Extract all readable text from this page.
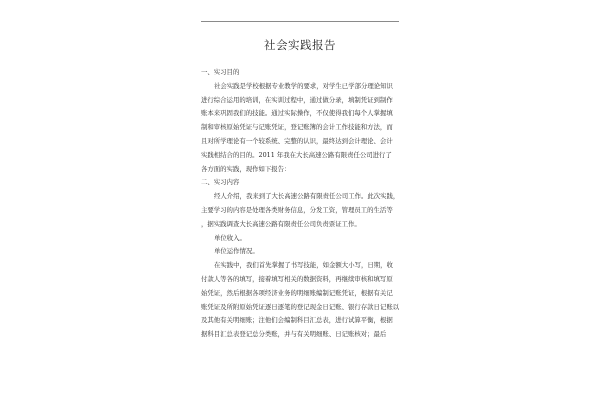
社会实践报告
一、实习目的
社会实践是学校根据专业教学的要求，对学生已学部分理论知识
进行综合运用的培训，在实训过程中，通过做分录，填制凭证到制作
账本来巩固我们的技能。通过实际操作，不仅使得我们每个人掌握填
制和审核原始凭证与记账凭证，登记账簿的会计工作技能和方法，而
且对所学理论有一个较系统、完整的认识，最终达到会计理论、会计
实践相结合的目的。2011 年我在大长高速公路有限责任公司进行了
各方面的实践，现作如下报告：
二、实习内容
经人介绍，我来到了大长高速公路有限责任公司工作。此次实践，
主要学习的内容是处理各类财务信息，分发工资，管理员工的生活等
，据实践调查大长高速公路有限责任公司负责票证工作。
单位收入。
单位运作情况。
在实践中，我们首先掌握了书写技能，如金额大小写，日期，收
付款人等各的填写，接着填写相关的数据资料，再继续审核和填写原
始凭证，然后根据各项经济业务的明细账编制记账凭证，根据有关记
账凭证及所附原始凭证逐日逐笔的登记现金日记账、银行存款日记账以
及其他有关明细账；注他们会编制科目汇总表，进行试算平衡，根据
据科目汇总表登记总分类账，并与有关明细账、日记账核对；最后
